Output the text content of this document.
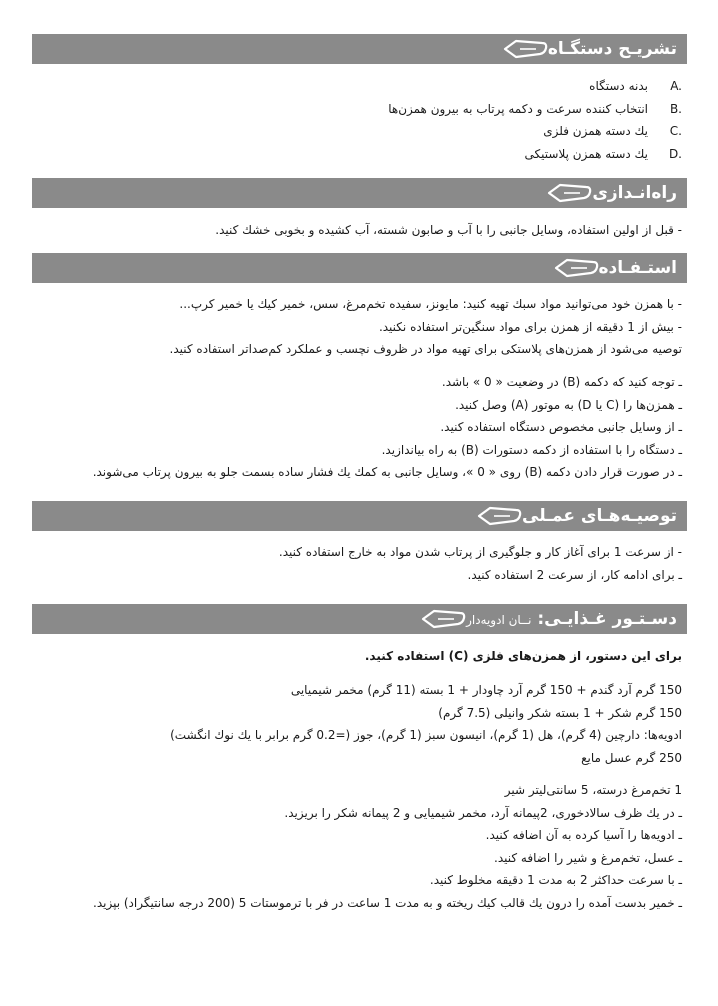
تشریـح دستگـاه
A.
بدنه دستگاه
B.
انتخاب کننده سرعت و دکمه پرتاب به بیرون همزن‌ها
C.
یك دسته همزن فلزی
D.
یك دسته همزن پلاستیکی
راه‌انـدازی

- قبل از اولین استفاده، وسایل جانبی را با آب و صابون شسته، آب کشیده و بخوبی خشك کنید.

استـفـاده

- با همزن خود می‌توانید مواد سبك تهیه کنید: مایونز، سفیده تخم‌مرغ، سس، خمیر کیك یا خمیر کرپ...

- بیش از 1 دقیقه از همزن برای مواد سنگین‌تر استفاده نکنید.

توصیه می‌شود از همزن‌های پلاستکی برای تهیه مواد در ظروف نچسب و عملکرد کم‌صداتر استفاده کنید.

ـ توجه کنید که دکمه (B) در وضعیت « 0 » باشد.

ـ همزن‌ها را (C یا D) به موتور (A) وصل کنید.

ـ از وسایل جانبی مخصوص دستگاه استفاده کنید.

ـ دستگاه را با استفاده از دکمه دستورات (B) به راه بیاندازید.

ـ در صورت قرار دادن دکمه (B) روی « 0 »، وسایل جانبی به کمك یك فشار ساده بسمت جلو به بیرون پرتاب می‌شوند.

توصیـه‌هـای عمـلی

- از سرعت 1 برای آغاز کار و جلوگیری از پرتاب شدن مواد به خارج استفاده کنید.

ـ برای ادامه کار، از سرعت 2 استفاده کنید.

دسـتـور غـذایـی: نــان ادویه‌دار

برای این دستور، از همزن‌های فلزی (C) استفاده کنید.

150 گرم آرد گندم + 150 گرم آرد چاودار + 1 بسته (11 گرم) مخمر شیمیایی

150 گرم شکر + 1 بسته شکر وانیلی (7.5 گرم)

ادویه‌ها: دارچین (4 گرم)، هل (1 گرم)، انیسون سبز (1 گرم)، جوز (=0.2 گرم برابر با یك نوك انگشت)

250 گرم عسل مایع

1 تخم‌مرغ درسته، 5 سانتی‌لیتر شیر

ـ در یك ظرف سالادخوری، 2پیمانه آرد، مخمر شیمیایی و 2 پیمانه شکر را بریزید.

ـ ادویه‌ها را آسیا کرده به آن اضافه کنید.

ـ عسل، تخم‌مرغ و شیر را اضافه کنید.

ـ با سرعت حداکثر 2 به مدت 1 دقیقه مخلوط کنید.

ـ خمیر بدست آمده را درون یك قالب کیك ریخته و به مدت 1 ساعت در فر با ترموستات 5 (200 درجه سانتیگراد) بپزید.
